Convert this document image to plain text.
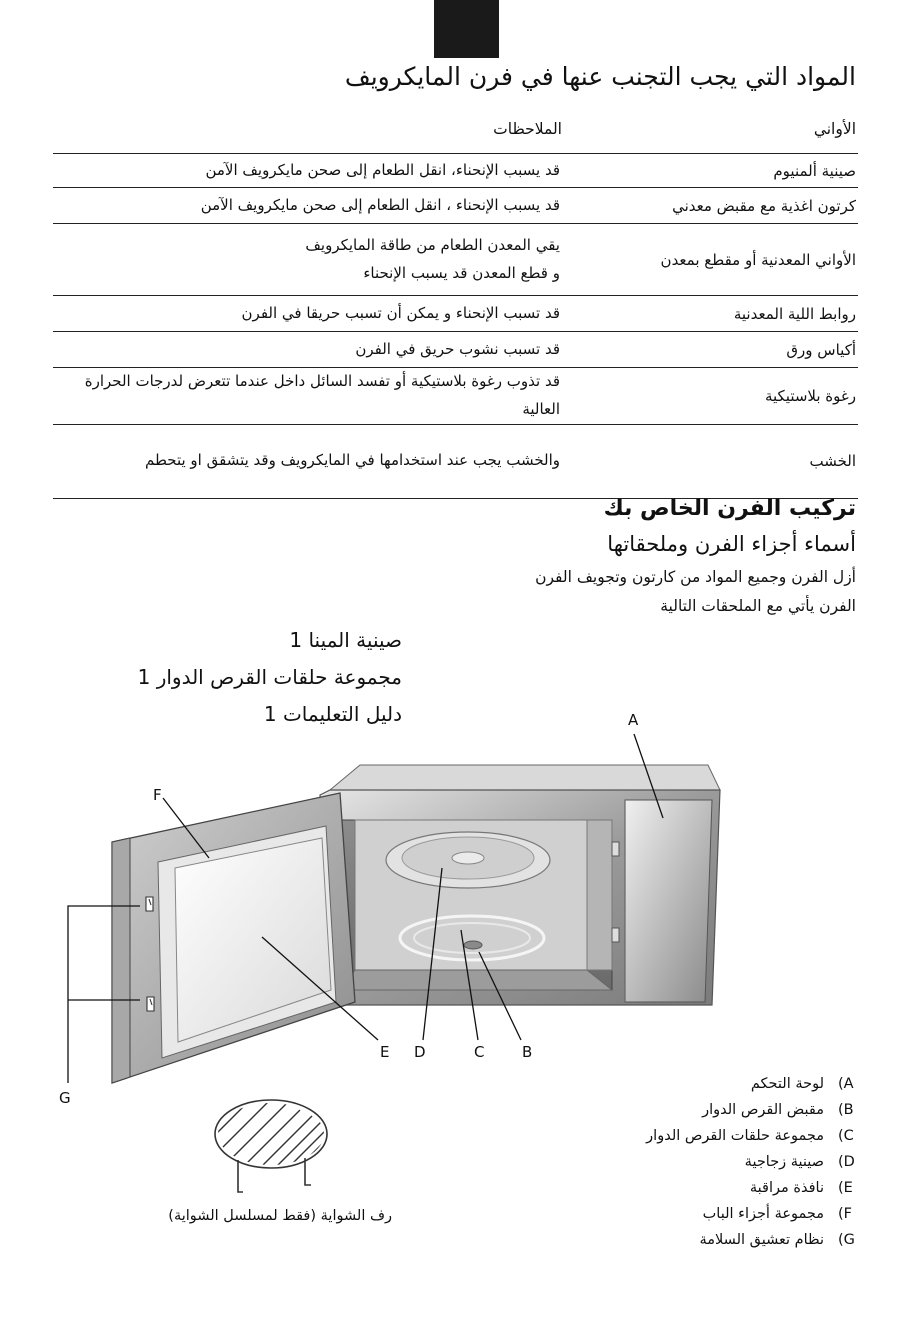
المواد التي يجب التجنب عنها في فرن المايكرويف
الأواني
الملاحظات
صينية ألمنيوم	قد يسبب الإنحناء، انقل الطعام إلى صحن مايكرويف الآمن
كرتون اغذية مع مقبض معدني	قد يسبب الإنحناء ، انقل الطعام إلى صحن مايكرويف الآمن
الأواني المعدنية أو مقطع بمعدن	يقي المعدن الطعام من طاقة المايكرويف و قطع المعدن قد يسبب الإنحناء
روابط اللية المعدنية	قد تسبب الإنحناء و يمكن أن تسبب حريقا في الفرن
أكياس ورق	قد تسبب نشوب حريق في الفرن
رغوة بلاستيكية	قد تذوب رغوة بلاستيكية أو تفسد السائل داخل عندما تتعرض لدرجات الحرارة العالية
الخشب	والخشب يجب عند استخدامها في المايكرويف وقد يتشقق او يتحطم
تركيب الفرن الخاص بك
أسماء أجزاء الفرن وملحقاتها
أزل الفرن وجميع المواد من كارتون وتجويف الفرن
الفرن يأتي مع الملحقات التالية
صينية المينا 1
مجموعة حلقات القرص الدوار 1
دليل التعليمات 1	A
F
E D	C	B
G
رف الشواية (فقط لمسلسل الشواية)
لوحة التحكم (A
مقبض القرص الدوار (B
مجموعة حلقات القرص الدوار (C
صينية زجاجية (D
نافذة مراقبة (E
مجموعة أجزاء الباب (F
نظام تعشيق السلامة (G
